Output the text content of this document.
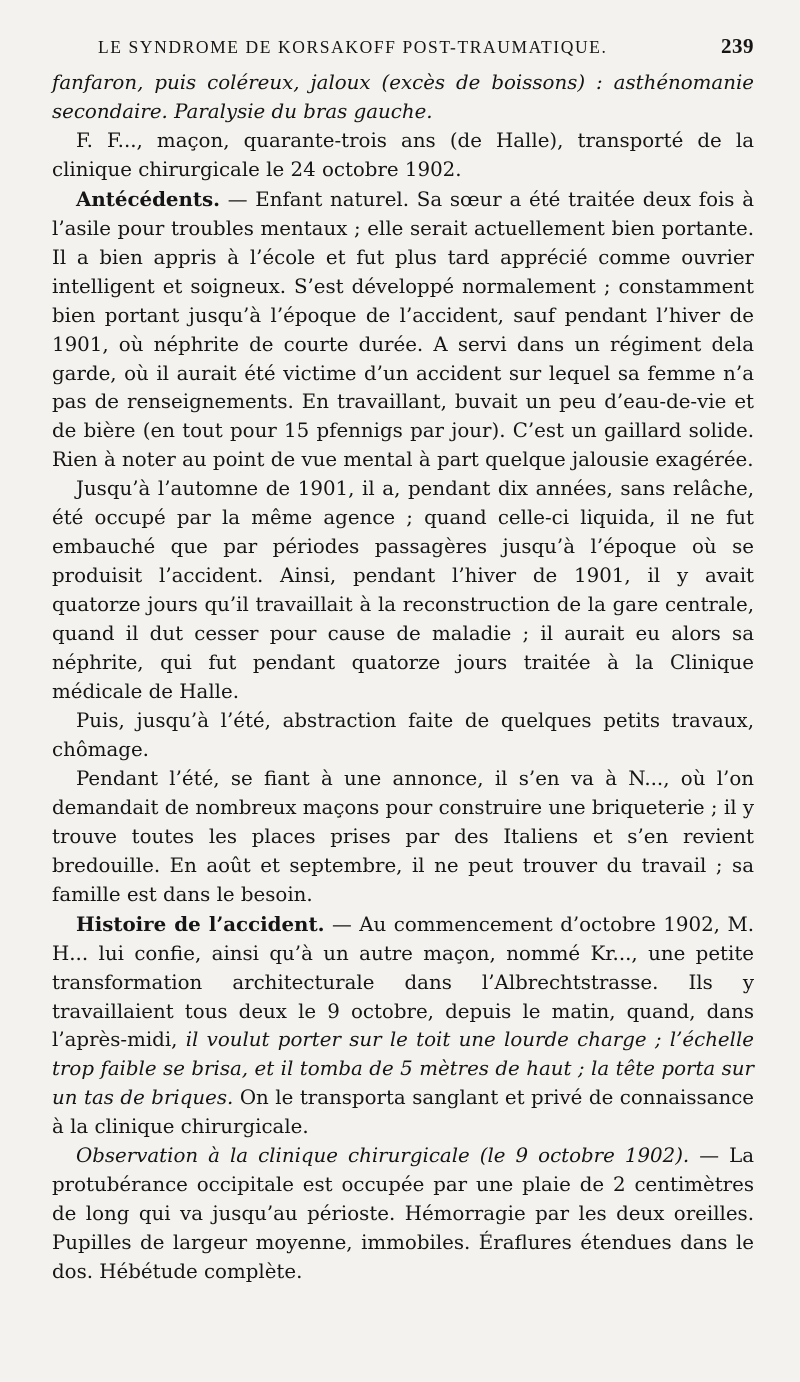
LE SYNDROME DE KORSAKOFF POST-TRAUMATIQUE.	239

fanfaron, puis coléreux, jaloux (excès de boissons) : asthénomanie secondaire. Paralysie du bras gauche.

F. F..., maçon, quarante-trois ans (de Halle), transporté de la clinique chirurgicale le 24 octobre 1902.

Antécédents. — Enfant naturel. Sa sœur a été traitée deux fois à l’asile pour troubles mentaux ; elle serait actuellement bien portante. Il a bien appris à l’école et fut plus tard apprécié comme ouvrier intelligent et soigneux. S’est développé normalement ; constamment bien portant jusqu’à l’époque de l’accident, sauf pendant l’hiver de 1901, où néphrite de courte durée. A servi dans un régiment dela garde, où il aurait été victime d’un accident sur lequel sa femme n’a pas de renseignements. En travaillant, buvait un peu d’eau-de-vie et de bière (en tout pour 15 pfennigs par jour). C’est un gaillard solide. Rien à noter au point de vue mental à part quelque jalousie exagérée.

Jusqu’à l’automne de 1901, il a, pendant dix années, sans relâche, été occupé par la même agence ; quand celle-ci liquida, il ne fut embauché que par périodes passagères jusqu’à l’époque où se produisit l’accident. Ainsi, pendant l’hiver de 1901, il y avait quatorze jours qu’il travaillait à la reconstruction de la gare centrale, quand il dut cesser pour cause de maladie ; il aurait eu alors sa néphrite, qui fut pendant quatorze jours traitée à la Clinique médicale de Halle.

Puis, jusqu’à l’été, abstraction faite de quelques petits travaux, chômage.

Pendant l’été, se fiant à une annonce, il s’en va à N..., où l’on demandait de nombreux maçons pour construire une briqueterie ; il y trouve toutes les places prises par des Italiens et s’en revient bredouille. En août et septembre, il ne peut trouver du travail ; sa famille est dans le besoin.

Histoire de l’accident. — Au commencement d’octobre 1902, M. H... lui confie, ainsi qu’à un autre maçon, nommé Kr..., une petite transformation architecturale dans l’Albrechtstrasse. Ils y travaillaient tous deux le 9 octobre, depuis le matin, quand, dans l’après-midi, il voulut porter sur le toit une lourde charge ; l’échelle trop faible se brisa, et il tomba de 5 mètres de haut ; la tête porta sur un tas de briques. On le transporta sanglant et privé de connaissance à la clinique chirurgicale.

Observation à la clinique chirurgicale (le 9 octobre 1902). — La protubérance occipitale est occupée par une plaie de 2 centimètres de long qui va jusqu’au périoste. Hémorragie par les deux oreilles. Pupilles de largeur moyenne, immobiles. Éraflures étendues dans le dos. Hébétude complète.
